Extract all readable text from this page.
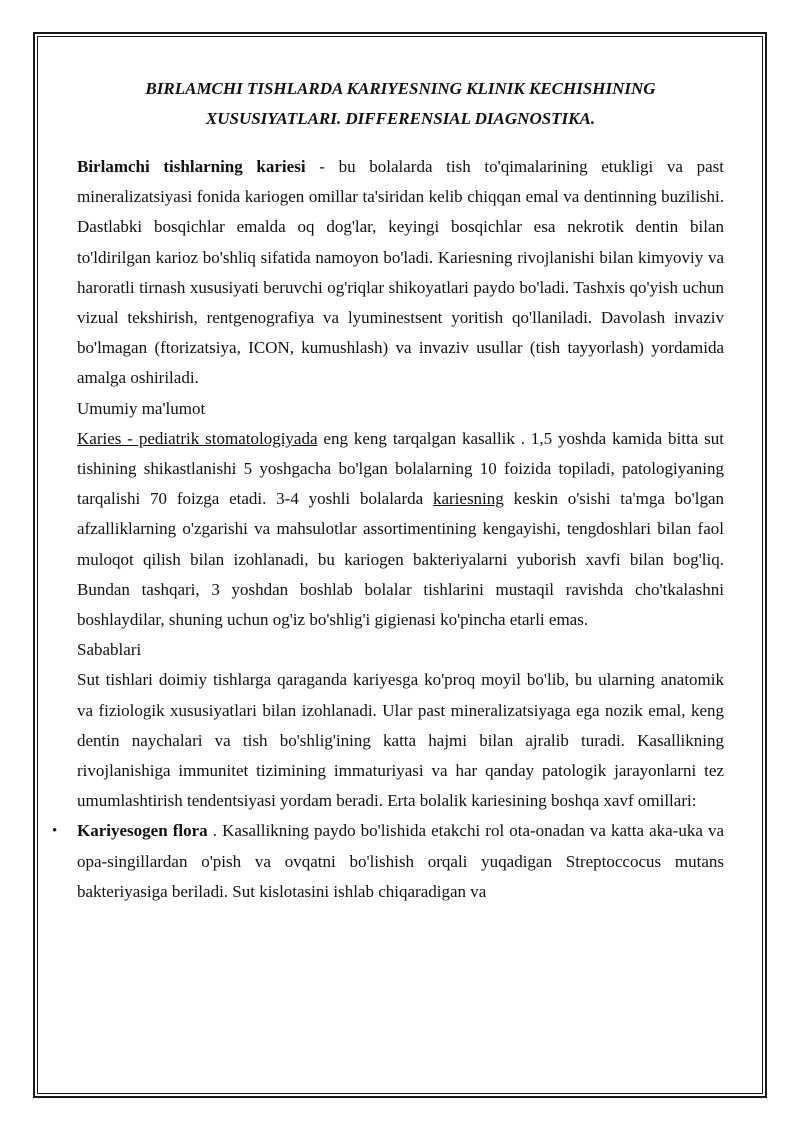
BIRLAMCHI TISHLARDA KARIYESNING KLINIK KECHISHINING
XUSUSIYATLARI. DIFFERENSIAL DIAGNOSTIKA.

Birlamchi tishlarning kariesi - bu bolalarda tish to'qimalarining etukligi va past mineralizatsiyasi fonida kariogen omillar ta'siridan kelib chiqqan emal va dentinning buzilishi. Dastlabki bosqichlar emalda oq dog'lar, keyingi bosqichlar esa nekrotik dentin bilan to'ldirilgan karioz bo'shliq sifatida namoyon bo'ladi. Kariesning rivojlanishi bilan kimyoviy va haroratli tirnash xususiyati beruvchi og'riqlar shikoyatlari paydo bo'ladi. Tashxis qo'yish uchun vizual tekshirish, rentgenografiya va lyuminestsent yoritish qo'llaniladi. Davolash invaziv bo'lmagan (ftorizatsiya, ICON, kumushlash) va invaziv usullar (tish tayyorlash) yordamida amalga oshiriladi.

Umumiy ma'lumot

Karies - pediatrik stomatologiyada eng keng tarqalgan kasallik . 1,5 yoshda kamida bitta sut tishining shikastlanishi 5 yoshgacha bo'lgan bolalarning 10 foizida topiladi, patologiyaning tarqalishi 70 foizga etadi. 3-4 yoshli bolalarda kariesning keskin o'sishi ta'mga bo'lgan afzalliklarning o'zgarishi va mahsulotlar assortimentining kengayishi, tengdoshlari bilan faol muloqot qilish bilan izohlanadi, bu kariogen bakteriyalarni yuborish xavfi bilan bog'liq. Bundan tashqari, 3 yoshdan boshlab bolalar tishlarini mustaqil ravishda cho'tkalashni boshlaydilar, shuning uchun og'iz bo'shlig'i gigienasi ko'pincha etarli emas.

Sabablari

Sut tishlari doimiy tishlarga qaraganda kariyesga ko'proq moyil bo'lib, bu ularning anatomik va fiziologik xususiyatlari bilan izohlanadi. Ular past mineralizatsiyaga ega nozik emal, keng dentin naychalari va tish bo'shlig'ining katta hajmi bilan ajralib turadi. Kasallikning rivojlanishiga immunitet tizimining immaturiyasi va har qanday patologik jarayonlarni tez umumlashtirish tendentsiyasi yordam beradi. Erta bolalik kariesining boshqa xavf omillari:

• Kariyesogen flora . Kasallikning paydo bo'lishida etakchi rol ota-onadan va katta aka-uka va opa-singillardan o'pish va ovqatni bo'lishish orqali yuqadigan Streptoccocus mutans bakteriyasiga beriladi. Sut kislotasini ishlab chiqaradigan va
